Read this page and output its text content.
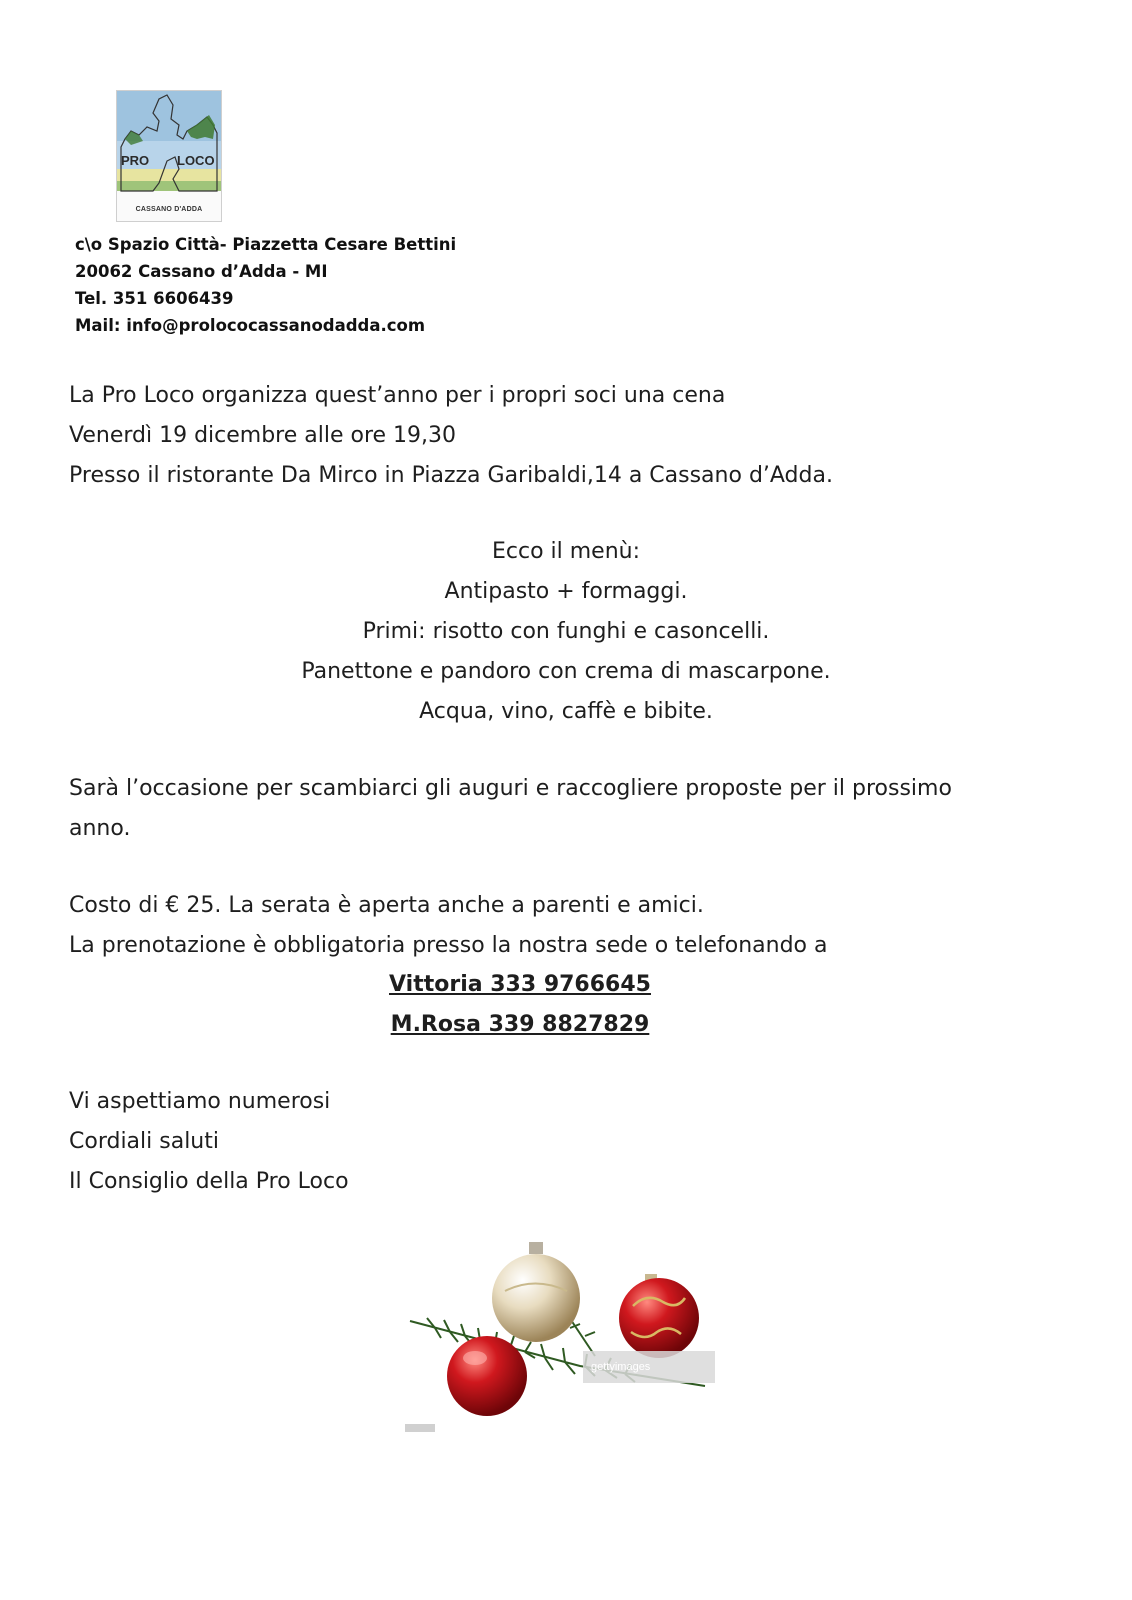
PRO LOCO
CASSANO D'ADDA
c\o Spazio Città- Piazzetta Cesare Bettini
20062 Cassano d’Adda - MI
Tel. 351 6606439
Mail: info@prolococassanodadda.com
La Pro Loco organizza quest’anno per i propri soci una cena
Venerdì 19 dicembre alle ore 19,30
Presso il ristorante Da Mirco in Piazza Garibaldi,14 a Cassano d’Adda.
Ecco il menù:
Antipasto + formaggi.
Primi: risotto con funghi e casoncelli.
Panettone e pandoro con crema di mascarpone.
Acqua, vino, caffè e bibite.
Sarà l’occasione per scambiarci gli auguri e raccogliere proposte per il prossimo
anno.
Costo di € 25. La serata è aperta anche a parenti e amici.
La prenotazione è obbligatoria presso la nostra sede o telefonando a
Vittoria 333 9766645
M.Rosa 339 8827829
Vi aspettiamo numerosi
Cordiali saluti
Il Consiglio della Pro Loco
gettyimages
